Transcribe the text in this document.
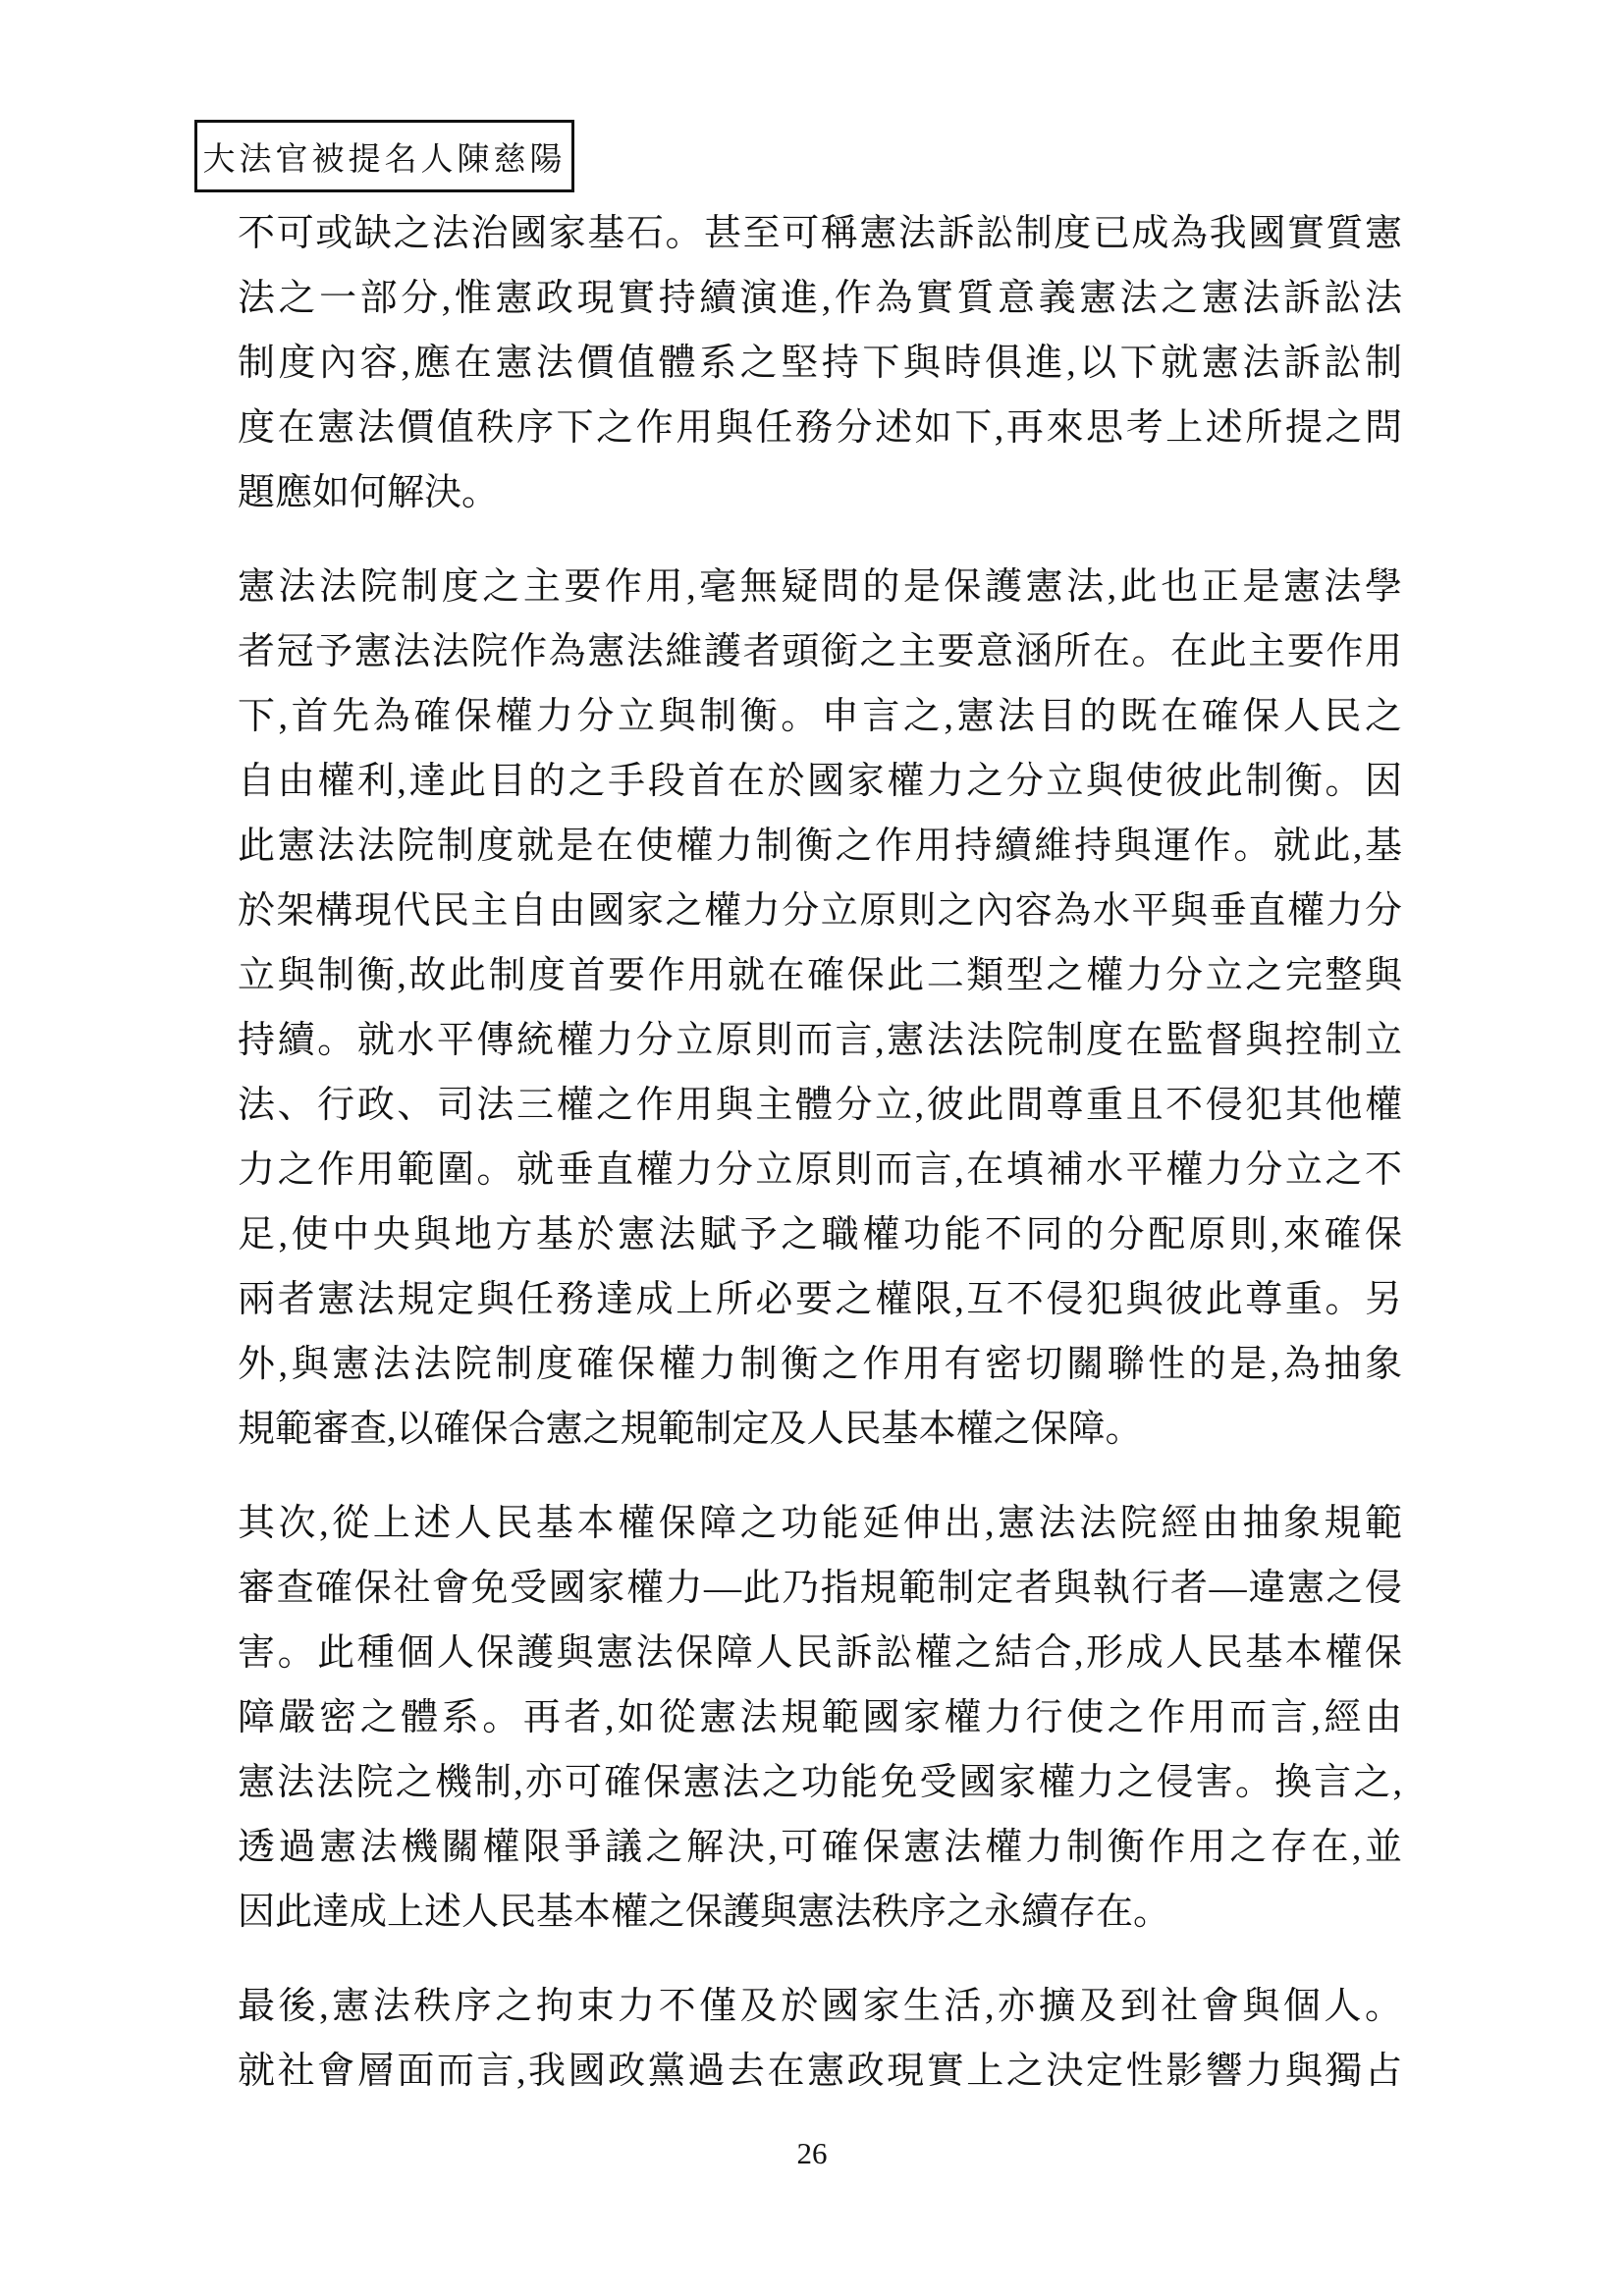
大法官被提名人陳慈陽
不可或缺之法治國家基石。甚至可稱憲法訴訟制度已成為我國實質憲
法之一部分,惟憲政現實持續演進,作為實質意義憲法之憲法訴訟法
制度內容,應在憲法價值體系之堅持下與時俱進,以下就憲法訴訟制
度在憲法價值秩序下之作用與任務分述如下,再來思考上述所提之問
題應如何解決。
憲法法院制度之主要作用,毫無疑問的是保護憲法,此也正是憲法學
者冠予憲法法院作為憲法維護者頭銜之主要意涵所在。在此主要作用
下,首先為確保權力分立與制衡。申言之,憲法目的既在確保人民之
自由權利,達此目的之手段首在於國家權力之分立與使彼此制衡。因
此憲法法院制度就是在使權力制衡之作用持續維持與運作。就此,基
於架構現代民主自由國家之權力分立原則之內容為水平與垂直權力分
立與制衡,故此制度首要作用就在確保此二類型之權力分立之完整與
持續。就水平傳統權力分立原則而言,憲法法院制度在監督與控制立
法、行政、司法三權之作用與主體分立,彼此間尊重且不侵犯其他權
力之作用範圍。就垂直權力分立原則而言,在填補水平權力分立之不
足,使中央與地方基於憲法賦予之職權功能不同的分配原則,來確保
兩者憲法規定與任務達成上所必要之權限,互不侵犯與彼此尊重。另
外,與憲法法院制度確保權力制衡之作用有密切關聯性的是,為抽象
規範審查,以確保合憲之規範制定及人民基本權之保障。
其次,從上述人民基本權保障之功能延伸出,憲法法院經由抽象規範
審查確保社會免受國家權力—此乃指規範制定者與執行者—違憲之侵
害。此種個人保護與憲法保障人民訴訟權之結合,形成人民基本權保
障嚴密之體系。再者,如從憲法規範國家權力行使之作用而言,經由
憲法法院之機制,亦可確保憲法之功能免受國家權力之侵害。換言之,
透過憲法機關權限爭議之解決,可確保憲法權力制衡作用之存在,並
因此達成上述人民基本權之保護與憲法秩序之永續存在。
最後,憲法秩序之拘束力不僅及於國家生活,亦擴及到社會與個人。
就社會層面而言,我國政黨過去在憲政現實上之決定性影響力與獨占
26
